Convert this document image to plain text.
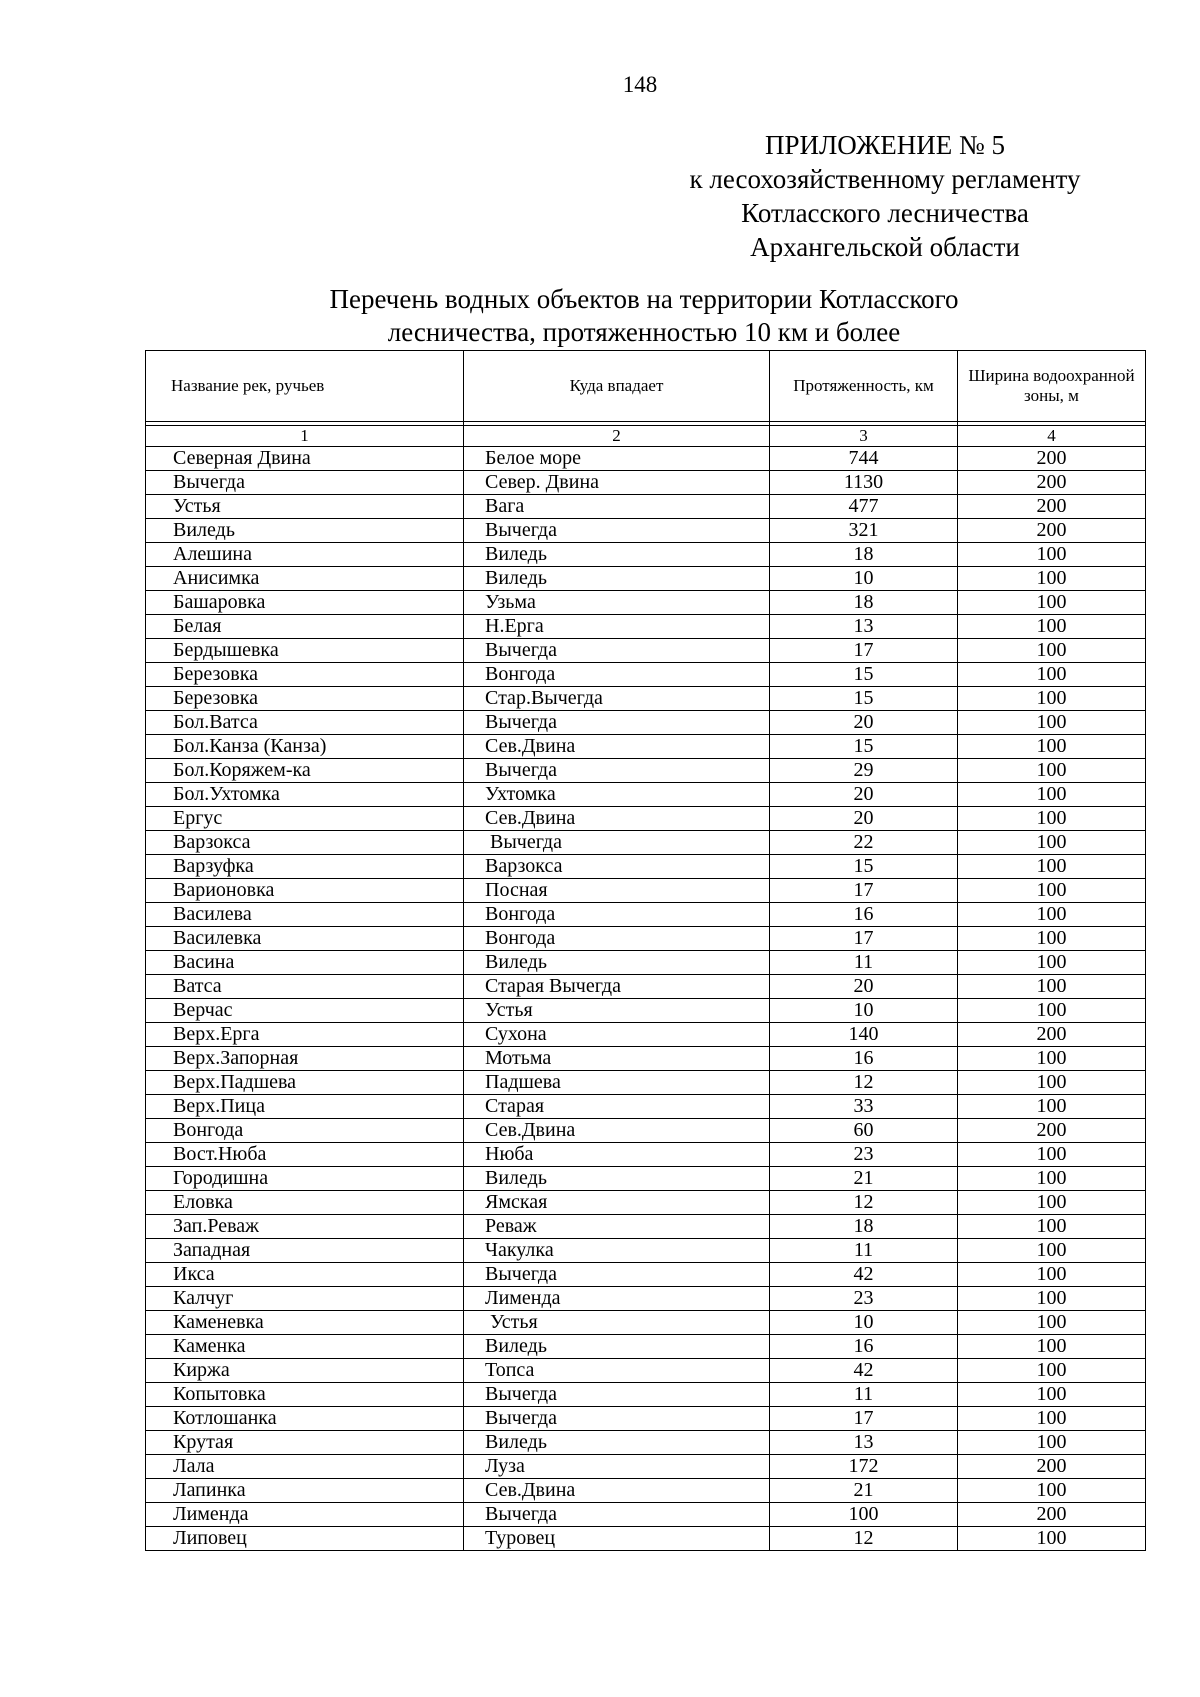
148
ПРИЛОЖЕНИЕ № 5
к лесохозяйственному регламенту
Котласского лесничества
Архангельской области
Перечень водных объектов на территории Котласского
лесничества, протяженностью 10 км и более
Название рек, ручьев	Куда впадает	Протяженность, км	Ширина водоохранной зоны, м

1	2	3	4
Северная Двина	Белое море	744	200
Вычегда	Север. Двина	1130	200
Устья	Вага	477	200
Виледь	Вычегда	321	200
Алешина	Виледь	18	100
Анисимка	Виледь	10	100
Башаровка	Узьма	18	100
Белая	Н.Ерга	13	100
Бердышевка	Вычегда	17	100
Березовка	Вонгода	15	100
Березовка	Стар.Вычегда	15	100
Бол.Ватса	Вычегда	20	100
Бол.Канза (Канза)	Сев.Двина	15	100
Бол.Коряжем-ка	Вычегда	29	100
Бол.Ухтомка	Ухтомка	20	100
Ергус	Сев.Двина	20	100
Варзокса	Вычегда	22	100
Варзуфка	Варзокса	15	100
Варионовка	Посная	17	100
Василева	Вонгода	16	100
Василевка	Вонгода	17	100
Васина	Виледь	11	100
Ватса	Старая Вычегда	20	100
Верчас	Устья	10	100
Верх.Ерга	Сухона	140	200
Верх.Запорная	Мотьма	16	100
Верх.Падшева	Падшева	12	100
Верх.Пица	Старая	33	100
Вонгода	Сев.Двина	60	200
Вост.Нюба	Нюба	23	100
Городишна	Виледь	21	100
Еловка	Ямская	12	100
Зап.Реваж	Реваж	18	100
Западная	Чакулка	11	100
Икса	Вычегда	42	100
Калчуг	Лименда	23	100
Каменевка	Устья	10	100
Каменка	Виледь	16	100
Киржа	Топса	42	100
Копытовка	Вычегда	11	100
Котлошанка	Вычегда	17	100
Крутая	Виледь	13	100
Лала	Луза	172	200
Лапинка	Сев.Двина	21	100
Лименда	Вычегда	100	200
Липовец	Туровец	12	100
